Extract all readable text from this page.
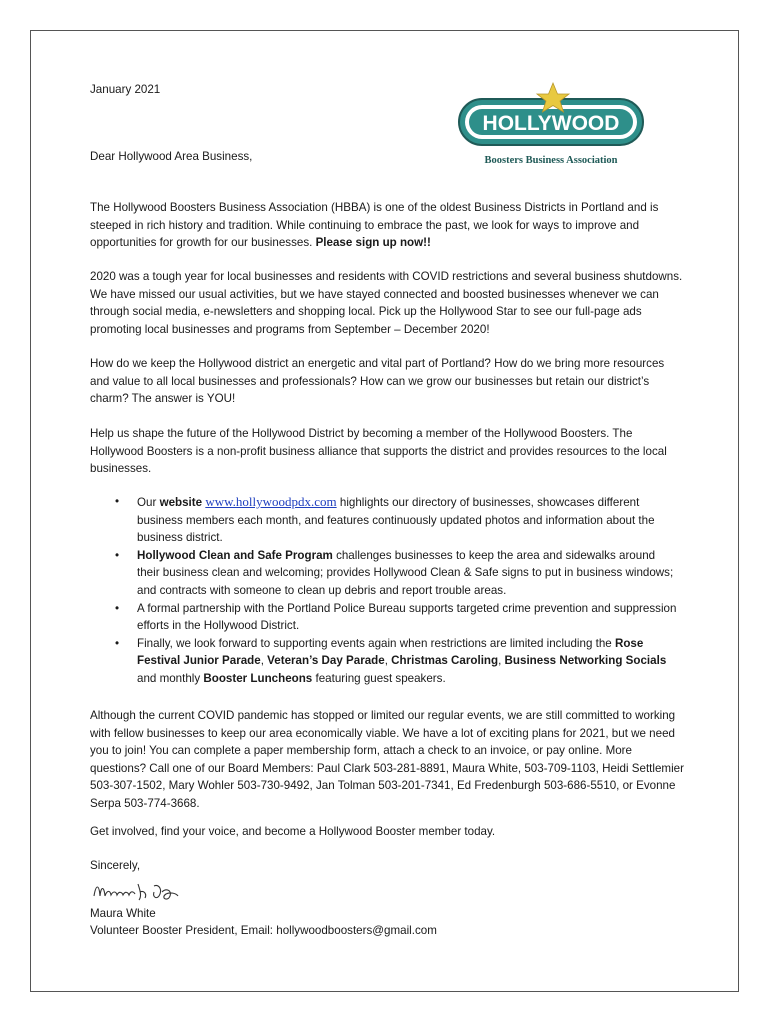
HOLLYWOOD
Boosters Business Association
January 2021
Dear Hollywood Area Business,
The Hollywood Boosters Business Association (HBBA) is one of the oldest Business Districts in Portland and is steeped in rich history and tradition. While continuing to embrace the past, we look for ways to improve and opportunities for growth for our businesses. Please sign up now!!
2020 was a tough year for local businesses and residents with COVID restrictions and several business shutdowns. We have missed our usual activities, but we have stayed connected and boosted businesses whenever we can through social media, e-newsletters and shopping local. Pick up the Hollywood Star to see our full-page ads promoting local businesses and programs from September – December 2020!
How do we keep the Hollywood district an energetic and vital part of Portland? How do we bring more resources and value to all local businesses and professionals? How can we grow our businesses but retain our district’s charm? The answer is YOU!
Help us shape the future of the Hollywood District by becoming a member of the Hollywood Boosters. The Hollywood Boosters is a non-profit business alliance that supports the district and provides resources to the local businesses.
• Our website www.hollywoodpdx.com highlights our directory of businesses, showcases different business members each month, and features continuously updated photos and information about the business district.
• Hollywood Clean and Safe Program challenges businesses to keep the area and sidewalks around their business clean and welcoming; provides Hollywood Clean & Safe signs to put in business windows; and contracts with someone to clean up debris and report trouble areas.
• A formal partnership with the Portland Police Bureau supports targeted crime prevention and suppression efforts in the Hollywood District.
• Finally, we look forward to supporting events again when restrictions are limited including the Rose Festival Junior Parade, Veteran’s Day Parade, Christmas Caroling, Business Networking Socials and monthly Booster Luncheons featuring guest speakers.
Although the current COVID pandemic has stopped or limited our regular events, we are still committed to working with fellow businesses to keep our area economically viable. We have a lot of exciting plans for 2021, but we need you to join! You can complete a paper membership form, attach a check to an invoice, or pay online. More questions? Call one of our Board Members: Paul Clark 503-281-8891, Maura White, 503-709-1103, Heidi Settlemier 503-307-1502, Mary Wohler 503-730-9492, Jan Tolman 503-201-7341, Ed Fredenburgh 503-686-5510, or Evonne Serpa 503-774-3668.
Get involved, find your voice, and become a Hollywood Booster member today.
Sincerely,
Maura White
Volunteer Booster President, Email: hollywoodboosters@gmail.com
